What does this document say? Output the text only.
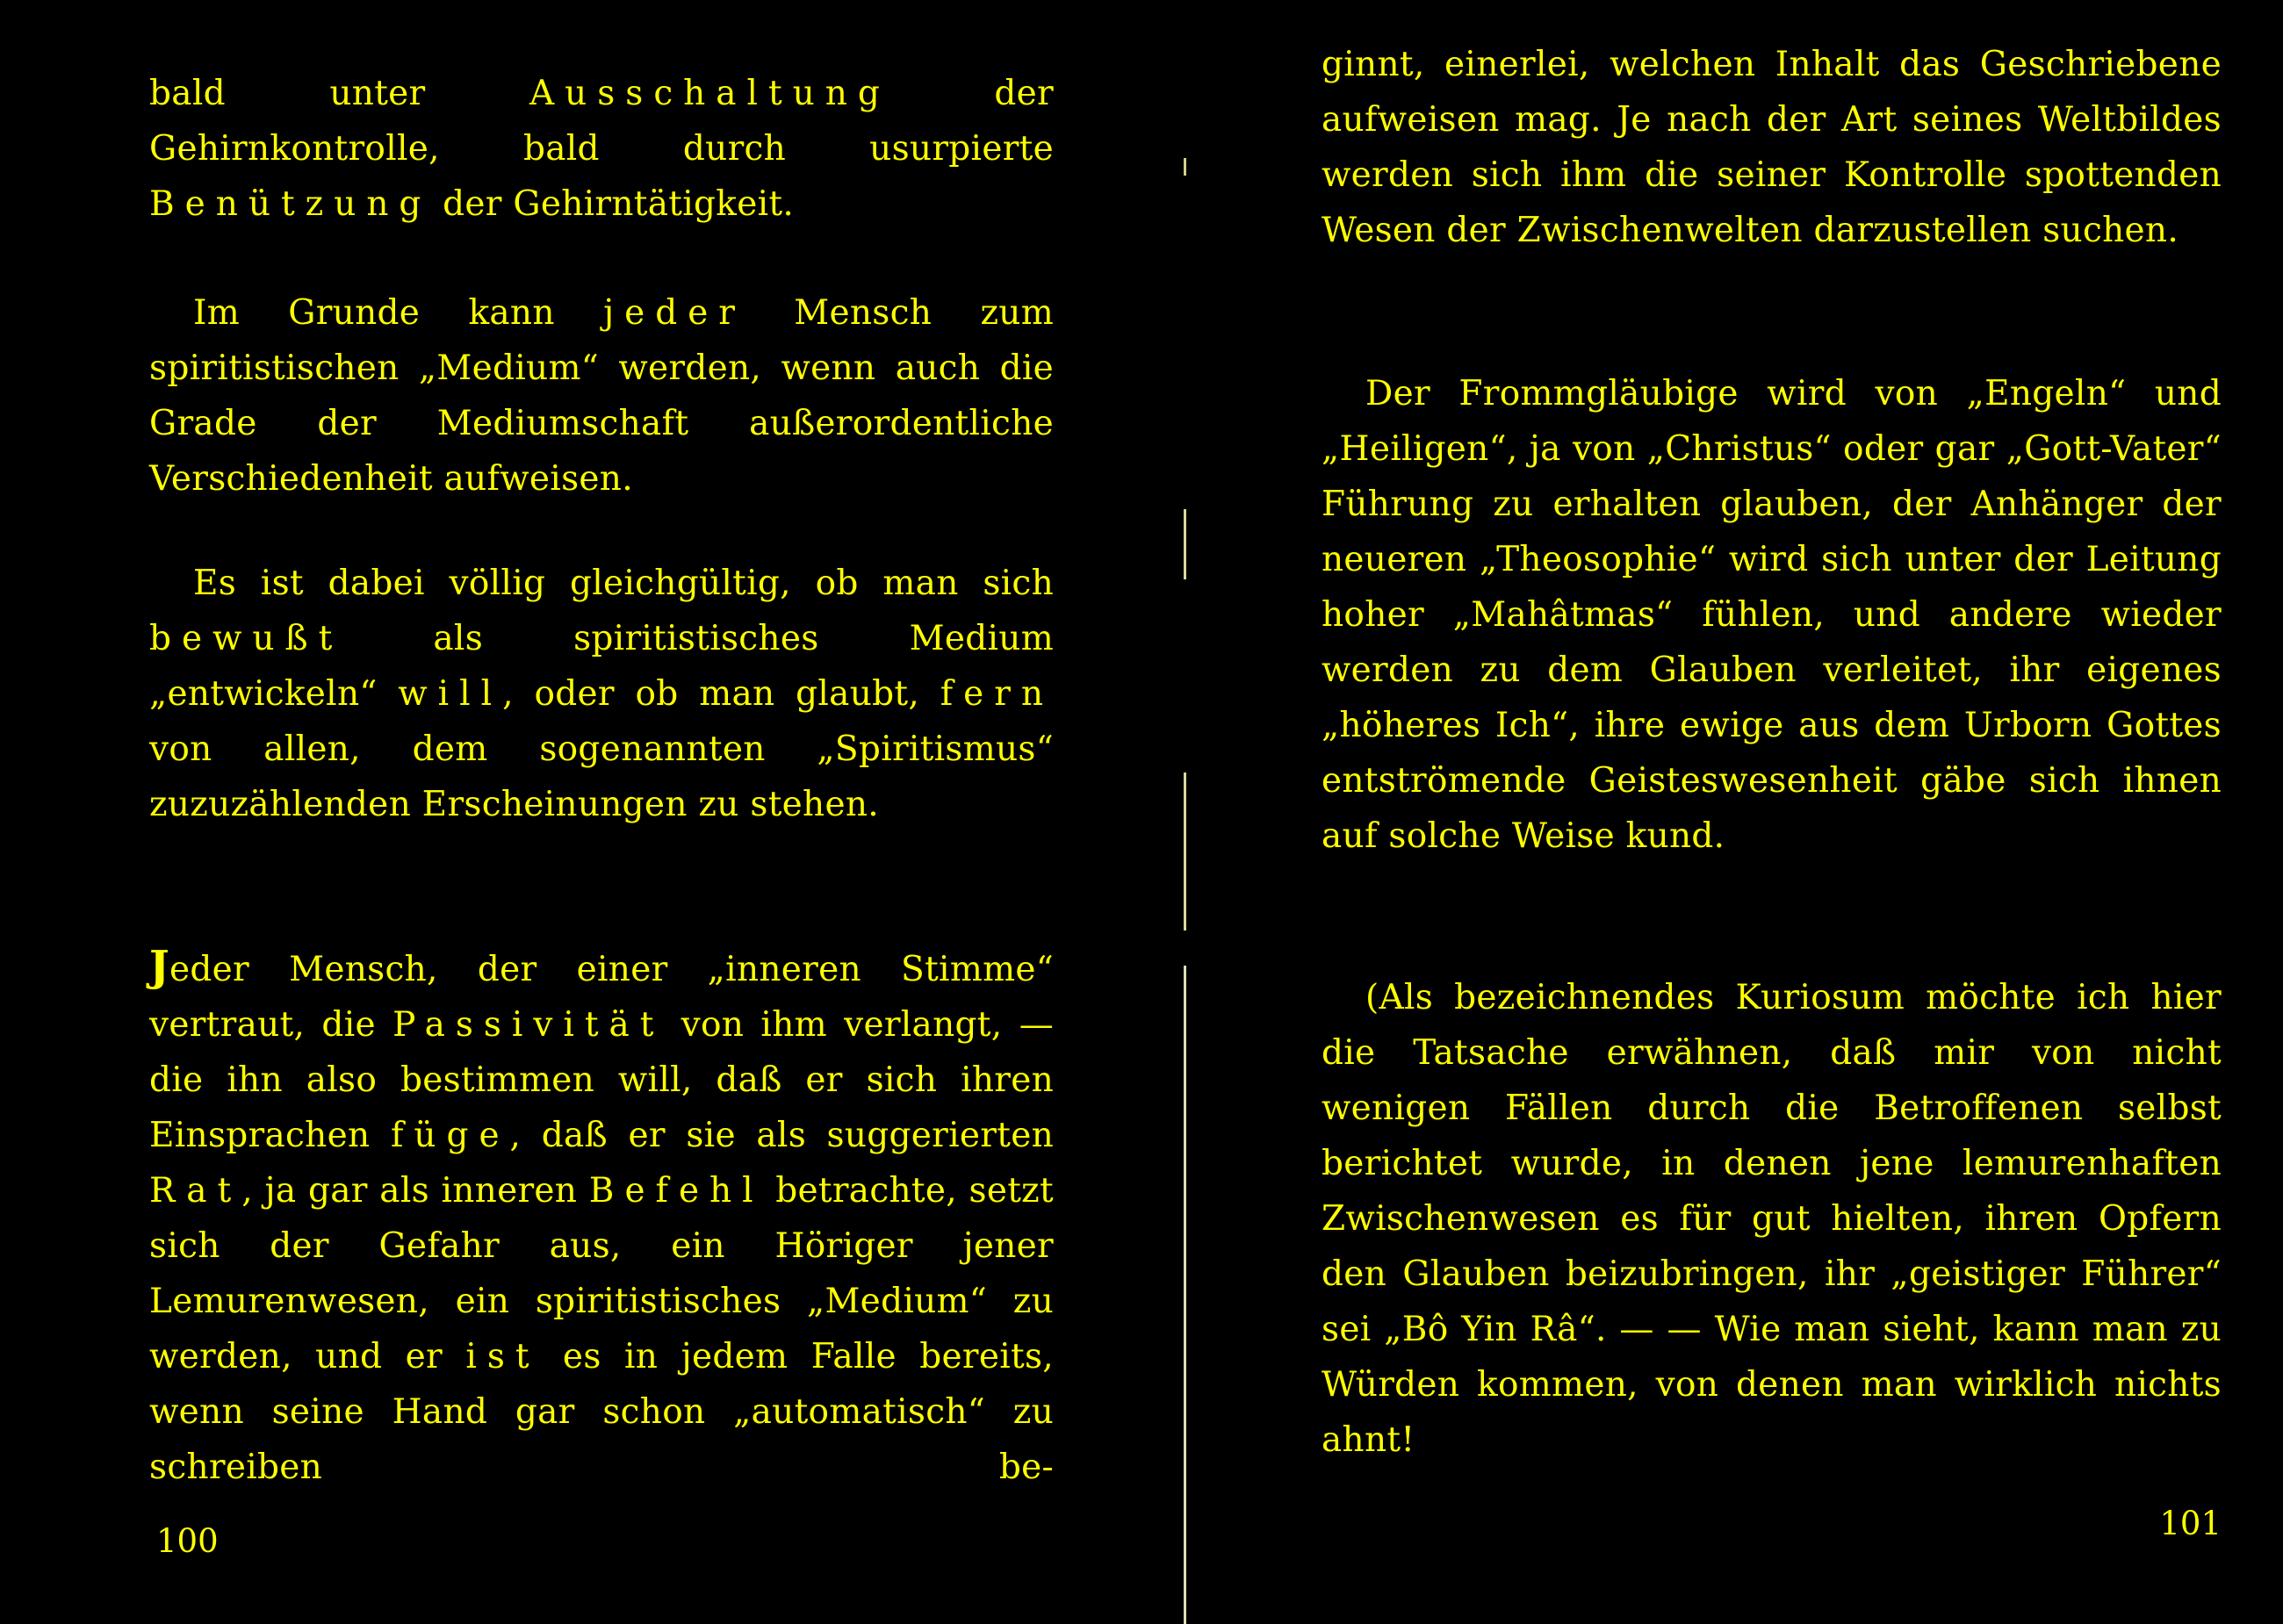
bald unter Ausschaltung der Gehirnkontrolle, bald durch usurpierte Benützung der Gehirntätigkeit.

Im Grunde kann jeder Mensch zum spiritistischen „Medium“ werden, wenn auch die Grade der Mediumschaft außerordentliche Verschiedenheit aufweisen.

Es ist dabei völlig gleichgültig, ob man sich bewußt als spiritistisches Medium „entwickeln“ will, oder ob man glaubt, fern von allen, dem sogenannten „Spiritismus“ zuzuzählenden Erscheinungen zu stehen.

Jeder Mensch, der einer „inneren Stimme“ vertraut, die Passivität von ihm verlangt, — die ihn also bestimmen will, daß er sich ihren Einsprachen füge, daß er sie als suggerierten Rat, ja gar als inneren Befehl betrachte, setzt sich der Gefahr aus, ein Höriger jener Lemurenwesen, ein spiritistisches „Medium“ zu werden, und er ist es in jedem Falle bereits, wenn seine Hand gar schon „automatisch“ zu schreiben be-

100

ginnt, einerlei, welchen Inhalt das Geschriebene aufweisen mag. Je nach der Art seines Weltbildes werden sich ihm die seiner Kontrolle spottenden Wesen der Zwischenwelten darzustellen suchen.

Der Frommgläubige wird von „Engeln“ und „Heiligen“, ja von „Christus“ oder gar „Gott-Vater“ Führung zu erhalten glauben, der Anhänger der neueren „Theosophie“ wird sich unter der Leitung hoher „Mahâtmas“ fühlen, und andere wieder werden zu dem Glauben verleitet, ihr eigenes „höheres Ich“, ihre ewige aus dem Urborn Gottes entströmende Geisteswesenheit gäbe sich ihnen auf solche Weise kund.

(Als bezeichnendes Kuriosum möchte ich hier die Tatsache erwähnen, daß mir von nicht wenigen Fällen durch die Betroffenen selbst berichtet wurde, in denen jene lemurenhaften Zwischenwesen es für gut hielten, ihren Opfern den Glauben beizubringen, ihr „geistiger Führer“ sei „Bô Yin Râ“. — — Wie man sieht, kann man zu Würden kommen, von denen man wirklich nichts ahnt!

101
